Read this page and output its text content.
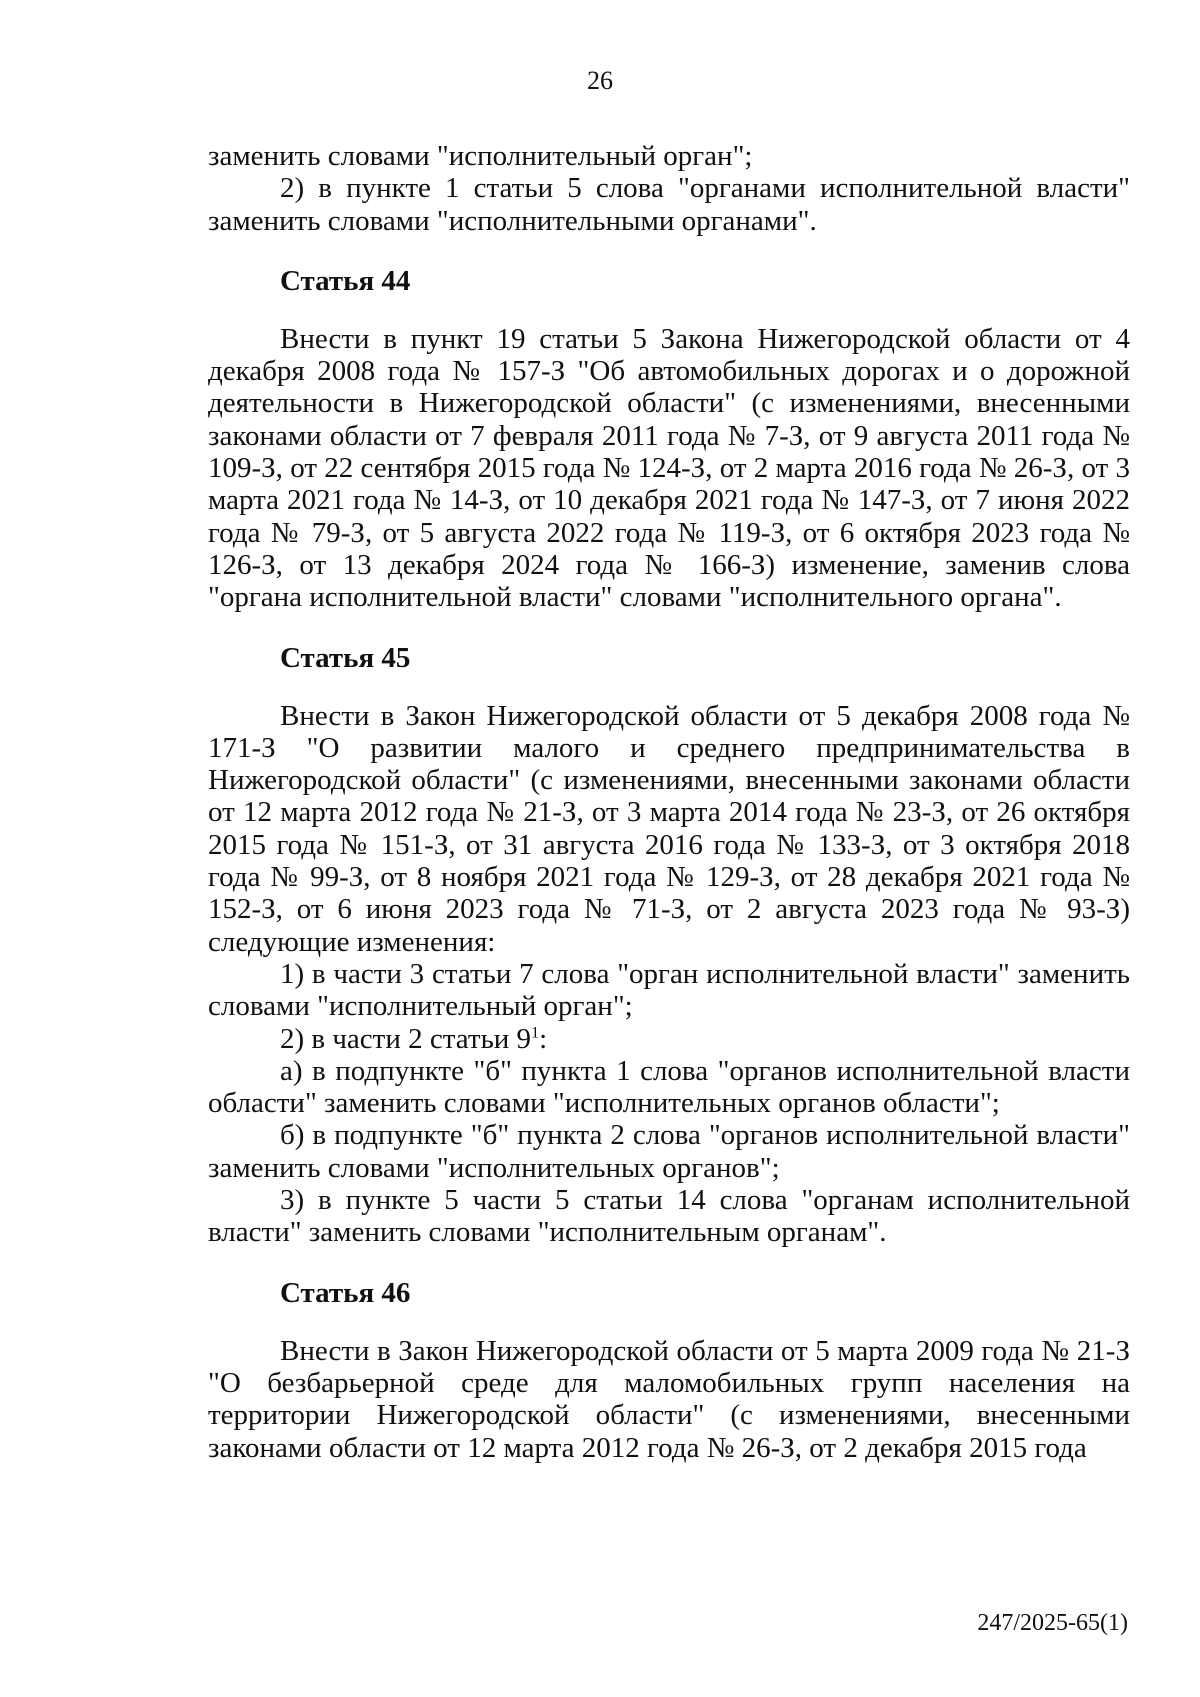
26

заменить словами "исполнительный орган";

2) в пункте 1 статьи 5 слова "органами исполнительной власти" заменить словами "исполнительными органами".

Статья 44

Внести в пункт 19 статьи 5 Закона Нижегородской области от 4 декабря 2008 года № 157-З "Об автомобильных дорогах и о дорожной деятельности в Нижегородской области" (с изменениями, внесенными законами области от 7 февраля 2011 года № 7-З, от 9 августа 2011 года № 109-З, от 22 сентября 2015 года № 124-З, от 2 марта 2016 года № 26-З, от 3 марта 2021 года № 14-З, от 10 декабря 2021 года № 147-З, от 7 июня 2022 года № 79-З, от 5 августа 2022 года № 119-З, от 6 октября 2023 года № 126-З, от 13 декабря 2024 года № 166-З) изменение, заменив слова "органа исполнительной власти" словами "исполнительного органа".

Статья 45

Внести в Закон Нижегородской области от 5 декабря 2008 года № 171-З "О развитии малого и среднего предпринимательства в Нижегородской области" (с изменениями, внесенными законами области от 12 марта 2012 года № 21-З, от 3 марта 2014 года № 23-З, от 26 октября 2015 года № 151-З, от 31 августа 2016 года № 133-З, от 3 октября 2018 года № 99-З, от 8 ноября 2021 года № 129-З, от 28 декабря 2021 года № 152-З, от 6 июня 2023 года № 71-З, от 2 августа 2023 года № 93-З) следующие изменения:

1) в части 3 статьи 7 слова "орган исполнительной власти" заменить словами "исполнительный орган";

2) в части 2 статьи $9^1$:

а) в подпункте "б" пункта 1 слова "органов исполнительной власти области" заменить словами "исполнительных органов области";

б) в подпункте "б" пункта 2 слова "органов исполнительной власти" заменить словами "исполнительных органов";

3) в пункте 5 части 5 статьи 14 слова "органам исполнительной власти" заменить словами "исполнительным органам".

Статья 46

Внести в Закон Нижегородской области от 5 марта 2009 года № 21-З "О безбарьерной среде для маломобильных групп населения на территории Нижегородской области" (с изменениями, внесенными законами области от 12 марта 2012 года № 26-З, от 2 декабря 2015 года

247/2025-65(1)
